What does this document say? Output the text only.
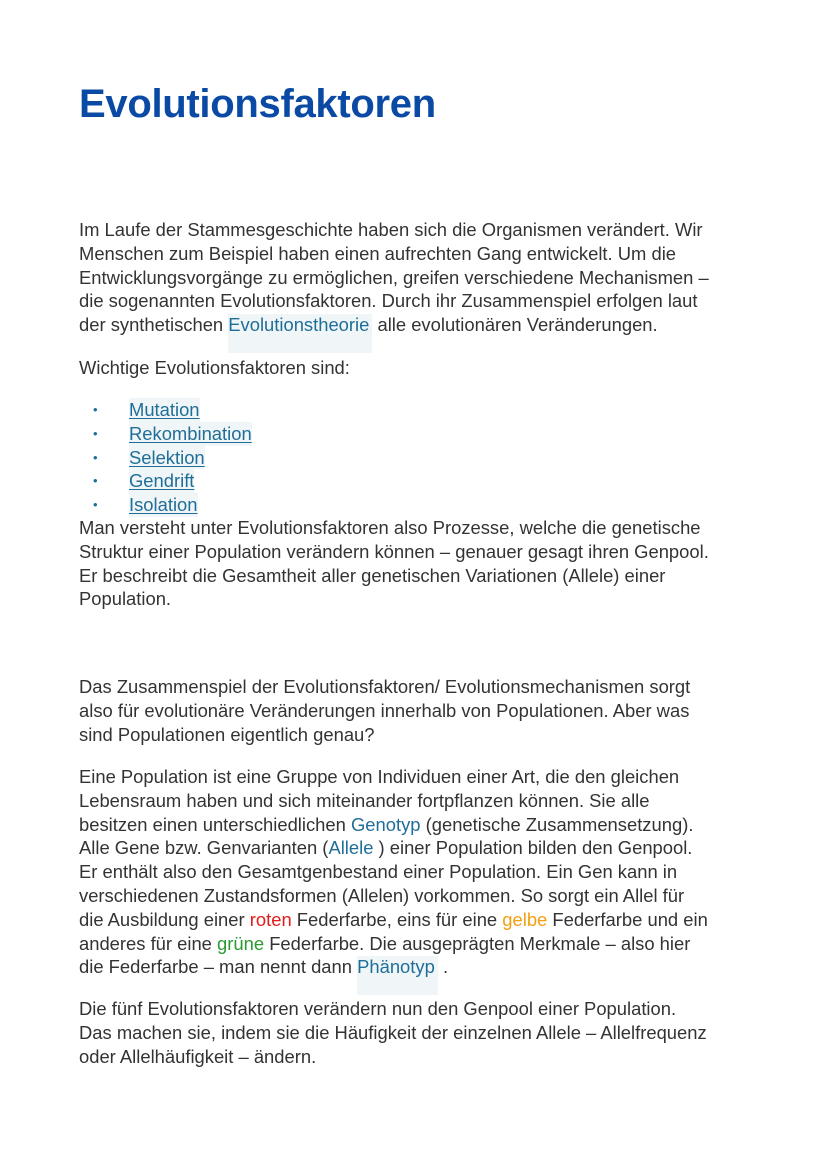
Evolutionsfaktoren

Im Laufe der Stammesgeschichte haben sich die Organismen verändert. Wir
Menschen zum Beispiel haben einen aufrechten Gang entwickelt. Um die
Entwicklungsvorgänge zu ermöglichen, greifen verschiedene Mechanismen –
die sogenannten Evolutionsfaktoren. Durch ihr Zusammenspiel erfolgen laut
der synthetischen Evolutionstheorie alle evolutionären Veränderungen.

Wichtige Evolutionsfaktoren sind:

•	Mutation
•	Rekombination
•	Selektion
•	Gendrift
•	Isolation

Man versteht unter Evolutionsfaktoren also Prozesse, welche die genetische
Struktur einer Population verändern können – genauer gesagt ihren Genpool.
Er beschreibt die Gesamtheit aller genetischen Variationen (Allele) einer
Population.

Das Zusammenspiel der Evolutionsfaktoren/ Evolutionsmechanismen sorgt
also für evolutionäre Veränderungen innerhalb von Populationen. Aber was
sind Populationen eigentlich genau?

Eine Population ist eine Gruppe von Individuen einer Art, die den gleichen
Lebensraum haben und sich miteinander fortpflanzen können. Sie alle
besitzen einen unterschiedlichen Genotyp (genetische Zusammensetzung).
Alle Gene bzw. Genvarianten (Allele ) einer Population bilden den Genpool.
Er enthält also den Gesamtgenbestand einer Population. Ein Gen kann in
verschiedenen Zustandsformen (Allelen) vorkommen. So sorgt ein Allel für
die Ausbildung einer roten Federfarbe, eins für eine gelbe Federfarbe und ein
anderes für eine grüne Federfarbe. Die ausgeprägten Merkmale – also hier
die Federfarbe – man nennt dann Phänotyp .

Die fünf Evolutionsfaktoren verändern nun den Genpool einer Population.
Das machen sie, indem sie die Häufigkeit der einzelnen Allele – Allelfrequenz
oder Allelhäufigkeit – ändern.
